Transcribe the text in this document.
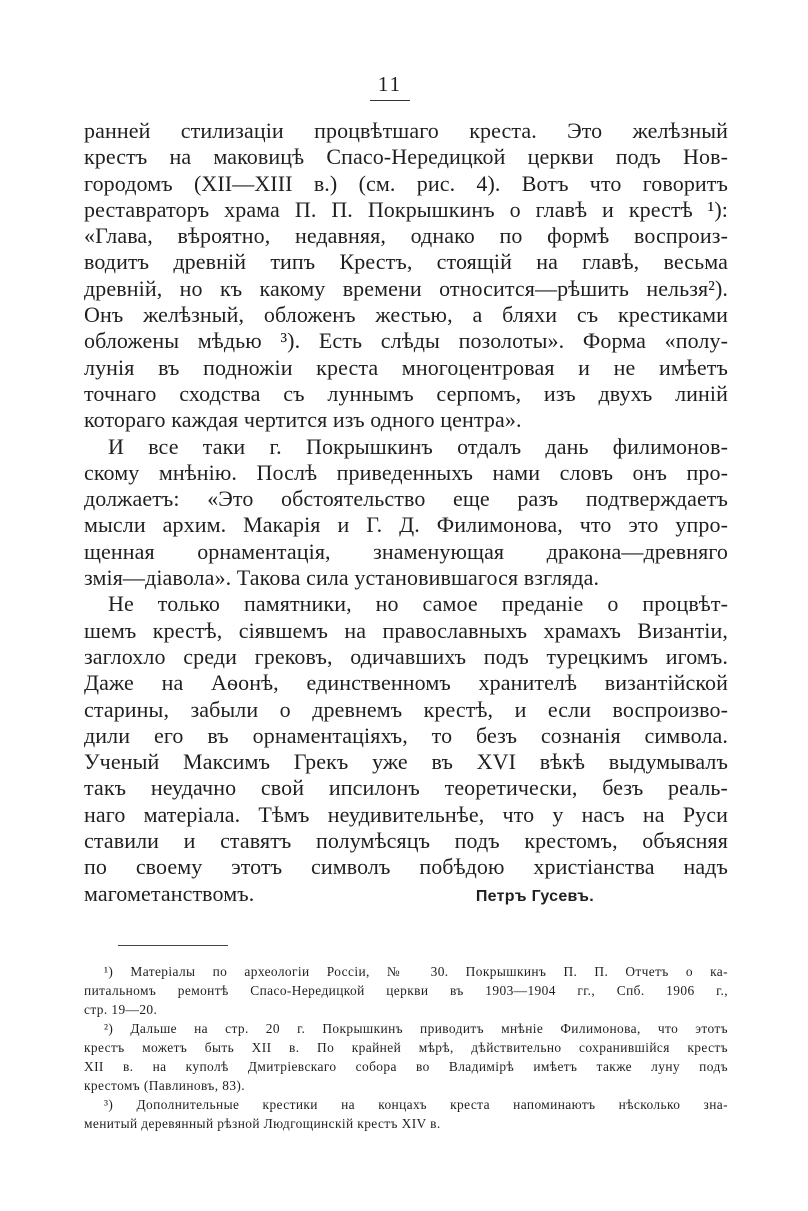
11
ранней стилизацiи процвѣтшаго креста. Это желѣзный
крестъ на маковицѣ Спасо-Нередицкой церкви подъ Нов-
городомъ (XII—XIII в.) (см. рис. 4). Вотъ что говоритъ
реставраторъ храма П. П. Покрышкинъ о главѣ и крестѣ ¹):
«Глава, вѣроятно, недавняя, однако по формѣ воспроиз-
водитъ древнiй типъ Крестъ, стоящiй на главѣ, весьма
древнiй, но къ какому времени относится—рѣшить нельзя²).
Онъ желѣзный, обложенъ жестью, а бляхи съ крестиками
обложены мѣдью ³). Есть слѣды позолоты». Форма «полу-
лунiя въ подножiи креста многоцентровая и не имѣетъ
точнаго сходства съ луннымъ серпомъ, изъ двухъ линiй
котораго каждая чертится изъ одного центра».
И все таки г. Покрышкинъ отдалъ дань филимонов-
скому мнѣнiю. Послѣ приведенныхъ нами словъ онъ про-
должаетъ: «Это обстоятельство еще разъ подтверждаетъ
мысли архим. Макарiя и Г. Д. Филимонова, что это упро-
щенная орнаментацiя, знаменующая дракона—древняго
змiя—дiавола». Такова сила установившагося взгляда.
Не только памятники, но самое преданiе о процвѣт-
шемъ крестѣ, сiявшемъ на православныхъ храмахъ Византiи,
заглохло среди грековъ, одичавшихъ подъ турецкимъ игомъ.
Даже на Аѳонѣ, единственномъ хранителѣ византiйской
старины, забыли о древнемъ крестѣ, и если воспроизво-
дили его въ орнаментацiяхъ, то безъ сознанiя символа.
Ученый Максимъ Грекъ уже въ XVI вѣкѣ выдумывалъ
такъ неудачно свой ипсилонъ теоретически, безъ реаль-
наго матерiала. Тѣмъ неудивительнѣе, что у насъ на Руси
ставили и ставятъ полумѣсяцъ подъ крестомъ, объясняя
по своему этотъ символъ побѣдою христiанства надъ
магометанствомъ.	Петръ Гусевъ.
¹) Матерiалы по археологiи Россiи, № 30. Покрышкинъ П. П. Отчетъ о ка-
питальномъ ремонтѣ Спасо-Нередицкой церкви въ 1903—1904 гг., Спб. 1906 г.,
стр. 19—20.
²) Дальше на стр. 20 г. Покрышкинъ приводитъ мнѣнiе Филимонова, что этотъ
крестъ можетъ быть XII в. По крайней мѣрѣ, дѣйствительно сохранившiйся крестъ
XII в. на куполѣ Дмитрiевскаго собора во Владимiрѣ имѣетъ также луну подъ
крестомъ (Павлиновъ, 83).
³) Дополнительные крестики на концахъ креста напоминаютъ нѣсколько зна-
менитый деревянный рѣзной Людгощинскiй крестъ XIV в.
